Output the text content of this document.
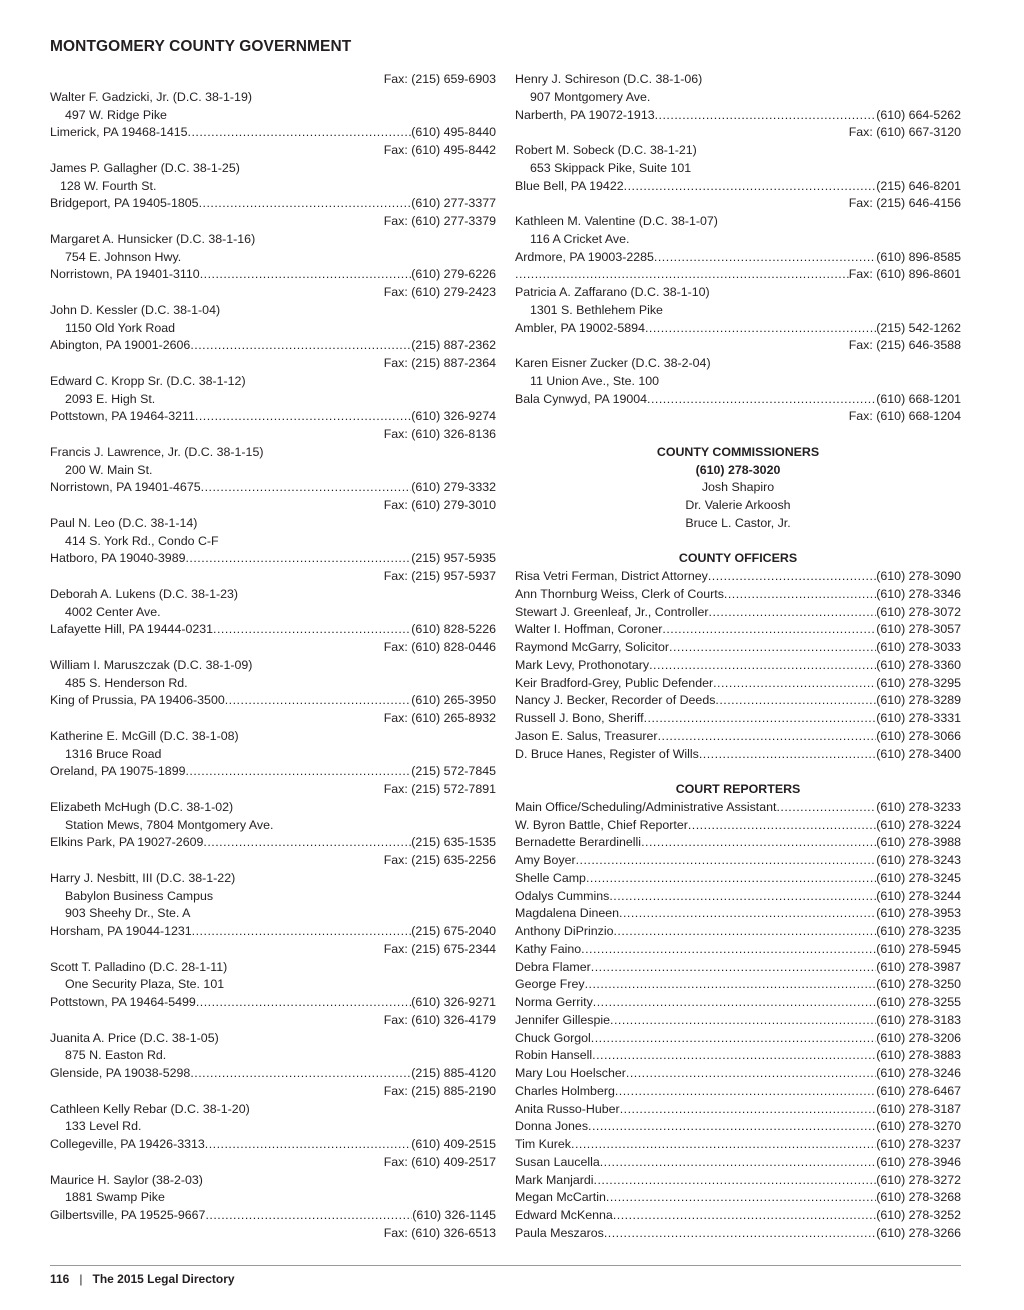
MONTGOMERY COUNTY GOVERNMENT
Fax: (215) 659-6903
Walter F. Gadzicki, Jr. (D.C. 38-1-19)
497 W. Ridge Pike
Limerick, PA 19468-1415 .....	(610) 495-8440
Fax: (610) 495-8442
James P. Gallagher (D.C. 38-1-25)
128 W. Fourth St.
Bridgeport, PA 19405-1805 .....	(610) 277-3377
Fax: (610) 277-3379
Margaret A. Hunsicker (D.C. 38-1-16)
754 E. Johnson Hwy.
Norristown, PA 19401-3110 .....	(610) 279-6226
Fax: (610) 279-2423
John D. Kessler (D.C. 38-1-04)
1150 Old York Road
Abington, PA 19001-2606 .....	(215) 887-2362
Fax: (215) 887-2364
Edward C. Kropp Sr. (D.C. 38-1-12)
2093 E. High St.
Pottstown, PA 19464-3211 .....	(610) 326-9274
Fax: (610) 326-8136
Francis J. Lawrence, Jr. (D.C. 38-1-15)
200 W. Main St.
Norristown, PA 19401-4675 .....	(610) 279-3332
Fax: (610) 279-3010
Paul N. Leo (D.C. 38-1-14)
414 S. York Rd., Condo C-F
Hatboro, PA 19040-3989 .....	(215) 957-5935
Fax: (215) 957-5937
Deborah A. Lukens (D.C. 38-1-23)
4002 Center Ave.
Lafayette Hill, PA 19444-0231 .....	(610) 828-5226
Fax: (610) 828-0446
William I. Maruszczak (D.C. 38-1-09)
485 S. Henderson Rd.
King of Prussia, PA 19406-3500 .....	(610) 265-3950
Fax: (610) 265-8932
Katherine E. McGill (D.C. 38-1-08)
1316 Bruce Road
Oreland, PA 19075-1899 .....	(215) 572-7845
Fax: (215) 572-7891
Elizabeth McHugh (D.C. 38-1-02)
Station Mews, 7804 Montgomery Ave.
Elkins Park, PA 19027-2609 .....	(215) 635-1535
Fax: (215) 635-2256
Harry J. Nesbitt, III (D.C. 38-1-22)
Babylon Business Campus
903 Sheehy Dr., Ste. A
Horsham, PA 19044-1231 .....	(215) 675-2040
Fax: (215) 675-2344
Scott T. Palladino (D.C. 28-1-11)
One Security Plaza, Ste. 101
Pottstown, PA 19464-5499 .....	(610) 326-9271
Fax: (610) 326-4179
Juanita A. Price (D.C. 38-1-05)
875 N. Easton Rd.
Glenside, PA 19038-5298 .....	(215) 885-4120
Fax: (215) 885-2190
Cathleen Kelly Rebar (D.C. 38-1-20)
133 Level Rd.
Collegeville, PA 19426-3313 .....	(610) 409-2515
Fax: (610) 409-2517
Maurice H. Saylor (38-2-03)
1881 Swamp Pike
Gilbertsville, PA 19525-9667 .....	(610) 326-1145
Fax: (610) 326-6513
Henry J. Schireson (D.C. 38-1-06)
907 Montgomery Ave.
Narberth, PA 19072-1913 .....	(610) 664-5262
Fax: (610) 667-3120
Robert M. Sobeck (D.C. 38-1-21)
653 Skippack Pike, Suite 101
Blue Bell, PA 19422 .....	(215) 646-8201
Fax: (215) 646-4156
Kathleen M. Valentine (D.C. 38-1-07)
116 A Cricket Ave.
Ardmore, PA 19003-2285 .....	(610) 896-8585
.....
Fax: (610) 896-8601
Patricia A. Zaffarano (D.C. 38-1-10)
1301 S. Bethlehem Pike
Ambler, PA 19002-5894 .....	(215) 542-1262
Fax: (215) 646-3588
Karen Eisner Zucker (D.C. 38-2-04)
11 Union Ave., Ste. 100
Bala Cynwyd, PA 19004 .....	(610) 668-1201
Fax: (610) 668-1204
COUNTY COMMISSIONERS
(610) 278-3020
Josh Shapiro
Dr. Valerie Arkoosh
Bruce L. Castor, Jr.
COUNTY OFFICERS
Risa Vetri Ferman, District Attorney .....	(610) 278-3090
Ann Thornburg Weiss, Clerk of Courts .....	(610) 278-3346
Stewart J. Greenleaf, Jr., Controller .....	(610) 278-3072
Walter I. Hoffman, Coroner .....	(610) 278-3057
Raymond McGarry, Solicitor .....	(610) 278-3033
Mark Levy, Prothonotary .....	(610) 278-3360
Keir Bradford-Grey, Public Defender .....	(610) 278-3295
Nancy J. Becker, Recorder of Deeds .....	(610) 278-3289
Russell J. Bono, Sheriff .....	(610) 278-3331
Jason E. Salus, Treasurer .....	(610) 278-3066
D. Bruce Hanes, Register of Wills .....	(610) 278-3400
COURT REPORTERS
Main Office/Scheduling/Administrative Assistant .....	(610) 278-3233
W. Byron Battle, Chief Reporter .....	(610) 278-3224
Bernadette Berardinelli .....	(610) 278-3988
Amy Boyer .....	(610) 278-3243
Shelle Camp .....	(610) 278-3245
Odalys Cummins .....	(610) 278-3244
Magdalena Dineen .....	(610) 278-3953
Anthony DiPrinzio .....	(610) 278-3235
Kathy Faino .....	(610) 278-5945
Debra Flamer .....	(610) 278-3987
George Frey .....	(610) 278-3250
Norma Gerrity .....	(610) 278-3255
Jennifer Gillespie .....	(610) 278-3183
Chuck Gorgol .....	(610) 278-3206
Robin Hansell .....	(610) 278-3883
Mary Lou Hoelscher .....	(610) 278-3246
Charles Holmberg .....	(610) 278-6467
Anita Russo-Huber .....	(610) 278-3187
Donna Jones .....	(610) 278-3270
Tim Kurek .....	(610) 278-3237
Susan Laucella .....	(610) 278-3946
Mark Manjardi .....	(610) 278-3272
Megan McCartin .....	(610) 278-3268
Edward McKenna .....	(610) 278-3252
Paula Meszaros .....	(610) 278-3266
116 | The 2015 Legal Directory
